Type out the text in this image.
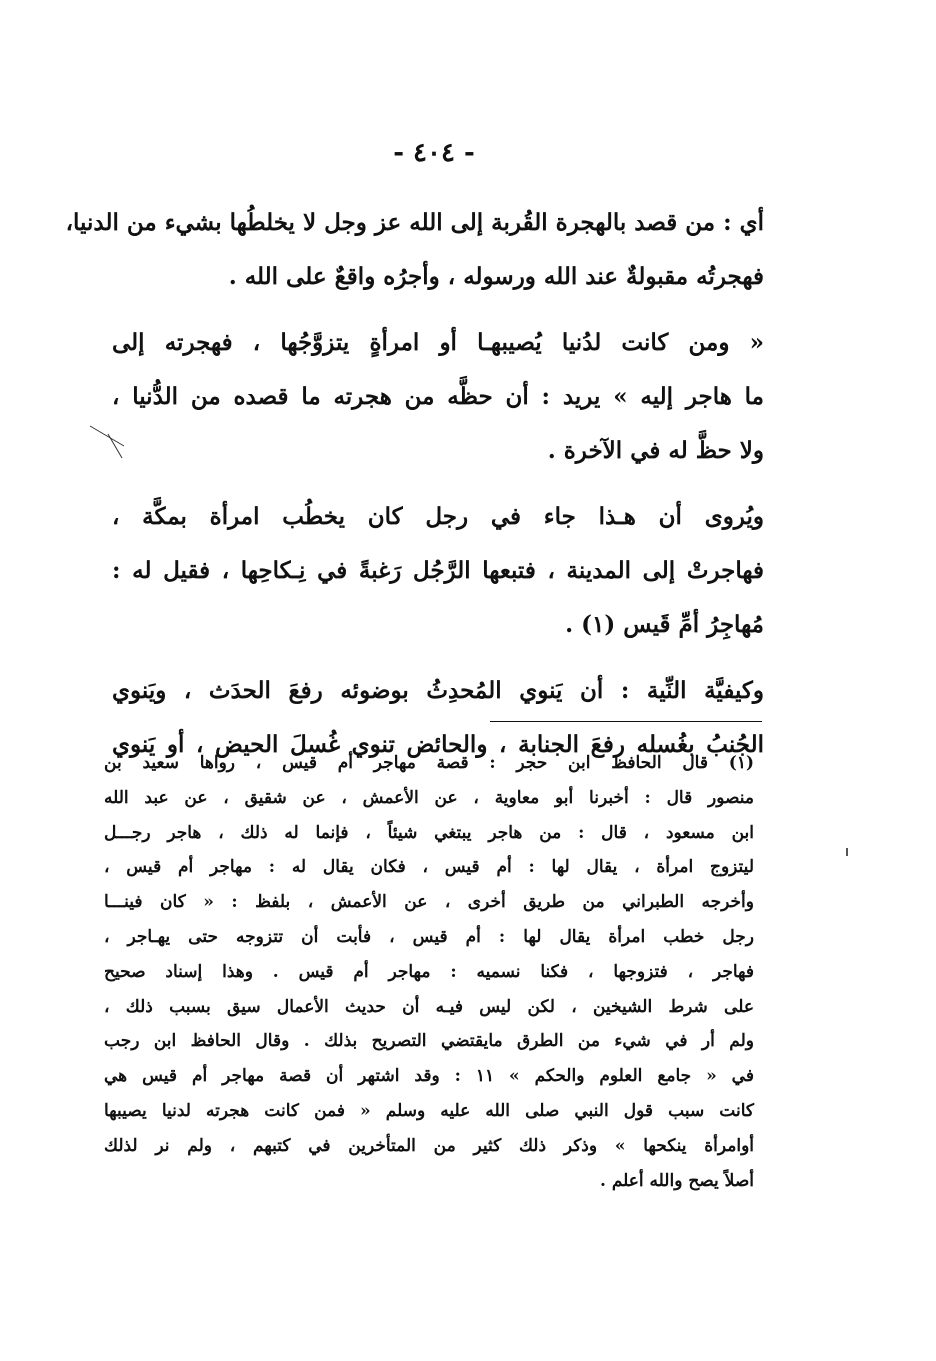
- ٤٠٤ -
أي : من قصد بالهجرة القُربة إلى الله عز وجل لا يخلطُها بشيء من الدنيا،
فهجرتُه مقبولةٌ عند الله ورسوله ، وأجرُه واقعٌ على الله .
« ومن كانت لدُنيا يُصيبهـا أو امرأةٍ يتزوَّجُها ، فهجرته إلى
ما هاجر إليه » يريد : أن حظَّه من هجرته ما قصده من الدُّنيا ،
ولا حظَّ له في الآخرة .
ويُروى أن هـذا جاء في رجل كان يخطُب امرأة بمكَّة ،
فهاجرتْ إلى المدينة ، فتبعها الرَّجُل رَغبةً في نِـكاحِها ، فقيل له :
مُهاجِرُ أمِّ قَيس (١) .
وكيفيَّة النِّية : أن يَنوي المُحدِثُ بوضوئه رفعَ الحدَث ، ويَنوي
الجُنبُ بغُسله رفعَ الجنابة ، والحائض تنوي غُسلَ الحيض ، أو يَنوي
(١) قال الحافظ ابن حجر : قصة مهاجر أم قيس ، رواها سعيد بن
منصور قال : أخبرنا أبو معاوية ، عن الأعمش ، عن شقيق ، عن عبد الله
ابن مسعود ، قال : من هاجر يبتغي شيئاً ، فإنما له ذلك ، هاجر رجـــل
ليتزوج امرأة ، يقال لها : أم قيس ، فكان يقال له : مهاجر أم قيس ،
وأخرجه الطبراني من طريق أخرى ، عن الأعمش ، بلفظ : « كان فينـــا
رجل خطب امرأة يقال لها : أم قيس ، فأبت أن تتزوجه حتى يهـاجر ،
فهاجر ، فتزوجها ، فكنا نسميه : مهاجر أم قيس . وهذا إسناد صحيح
على شرط الشيخين ، لكن ليس فيـه أن حديث الأعمال سيق بسبب ذلك ،
ولم أر في شيء من الطرق مايقتضي التصريح بذلك . وقال الحافظ ابن رجب
في « جامع العلوم والحكم » ١١ : وقد اشتهر أن قصة مهاجر أم قيس هي
كانت سبب قول النبي صلى الله عليه وسلم « فمن كانت هجرته لدنيا يصيبها
أوامرأة ينكحها » وذكر ذلك كثير من المتأخرين في كتبهم ، ولم نر لذلك
أصلاً يصح والله أعلم .
